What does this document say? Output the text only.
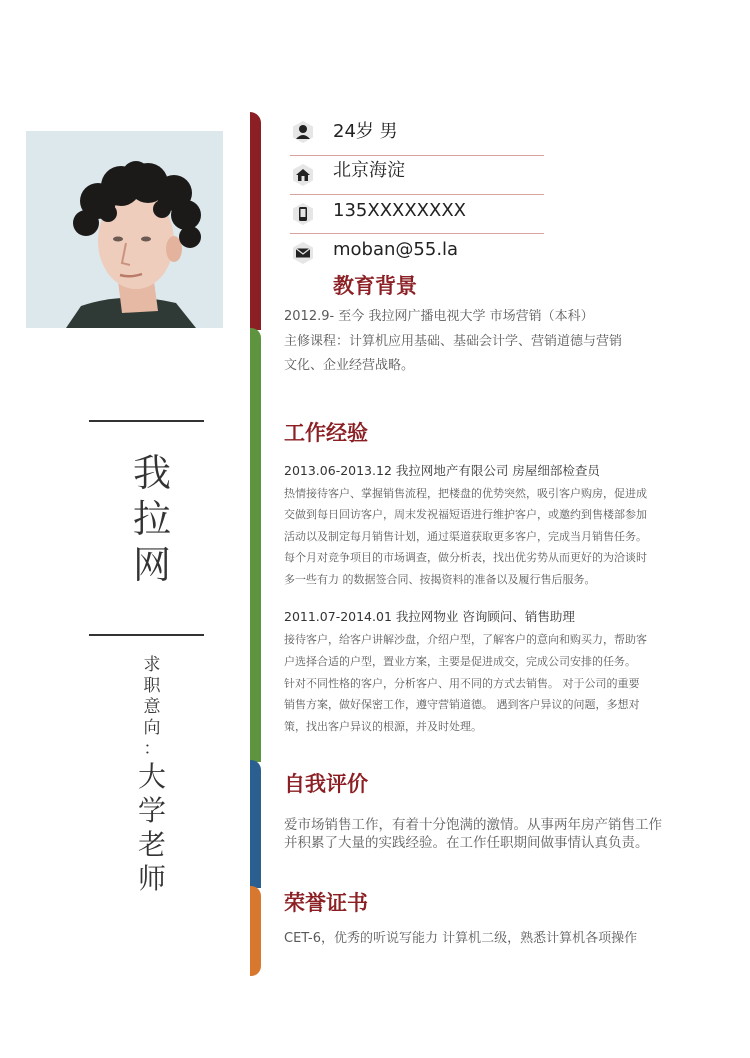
我
拉
网
求
职
意
向
：
大
学
老
师
24岁 男
北京海淀
135XXXXXXXX
moban@55.la
教育背景
2012.9- 至今 我拉网广播电视大学 市场营销（本科）
主修课程：计算机应用基础、基础会计学、营销道德与营销
文化、企业经营战略。
工作经验
2013.06-2013.12 我拉网地产有限公司 房屋细部检查员
热情接待客户、掌握销售流程，把楼盘的优势突然，吸引客户购房，促进成
交做到每日回访客户，周末发祝福短语进行维护客户，或邀约到售楼部参加
活动以及制定每月销售计划，通过渠道获取更多客户，完成当月销售任务。
每个月对竞争项目的市场调查，做分析表，找出优劣势从而更好的为洽谈时
多一些有力 的数据签合同、按揭资料的准备以及履行售后服务。
2011.07-2014.01 我拉网物业 咨询顾问、销售助理
接待客户，给客户讲解沙盘，介绍户型，了解客户的意向和购买力，帮助客
户选择合适的户型，置业方案，主要是促进成交，完成公司安排的任务。
针对不同性格的客户，分析客户、用不同的方式去销售。 对于公司的重要
销售方案，做好保密工作，遵守营销道德。 遇到客户异议的问题，多想对
策，找出客户异议的根源，并及时处理。
自我评价
爱市场销售工作，有着十分饱满的激情。从事两年房产销售工作
并积累了大量的实践经验。在工作任职期间做事情认真负责。
荣誉证书
CET-6，优秀的听说写能力 计算机二级，熟悉计算机各项操作
